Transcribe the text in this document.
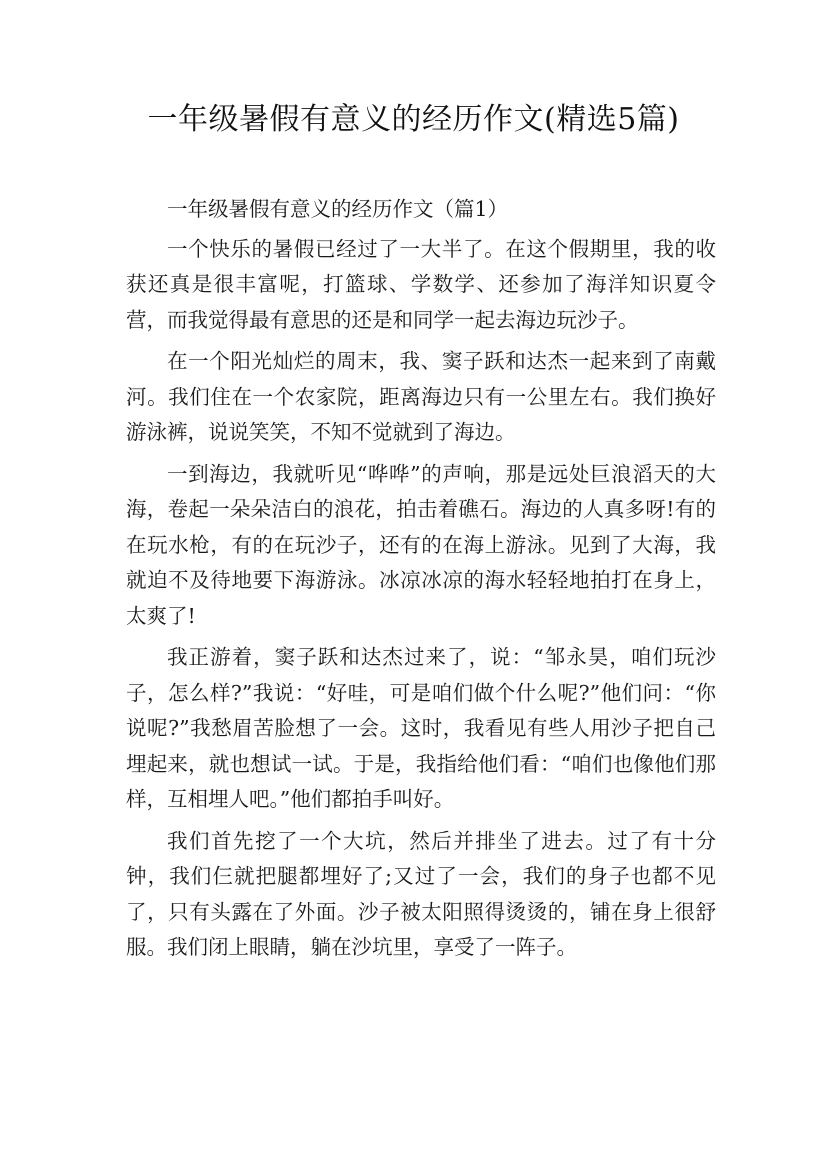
一年级暑假有意义的经历作文(精选5篇)

一年级暑假有意义的经历作文（篇1）

一个快乐的暑假已经过了一大半了。在这个假期里，我的收获还真是很丰富呢，打篮球、学数学、还参加了海洋知识夏令营，而我觉得最有意思的还是和同学一起去海边玩沙子。

在一个阳光灿烂的周末，我、窦子跃和达杰一起来到了南戴河。我们住在一个农家院，距离海边只有一公里左右。我们换好游泳裤，说说笑笑，不知不觉就到了海边。

一到海边，我就听见“哗哗”的声响，那是远处巨浪滔天的大海，卷起一朵朵洁白的浪花，拍击着礁石。海边的人真多呀!有的在玩水枪，有的在玩沙子，还有的在海上游泳。见到了大海，我就迫不及待地要下海游泳。冰凉冰凉的海水轻轻地拍打在身上，太爽了!

我正游着，窦子跃和达杰过来了，说：“邹永昊，咱们玩沙子，怎么样?”我说：“好哇，可是咱们做个什么呢?”他们问：“你说呢?”我愁眉苦脸想了一会。这时，我看见有些人用沙子把自己埋起来，就也想试一试。于是，我指给他们看：“咱们也像他们那样，互相埋人吧。”他们都拍手叫好。

我们首先挖了一个大坑，然后并排坐了进去。过了有十分钟，我们仨就把腿都埋好了;又过了一会，我们的身子也都不见了，只有头露在了外面。沙子被太阳照得烫烫的，铺在身上很舒服。我们闭上眼睛，躺在沙坑里，享受了一阵子。
